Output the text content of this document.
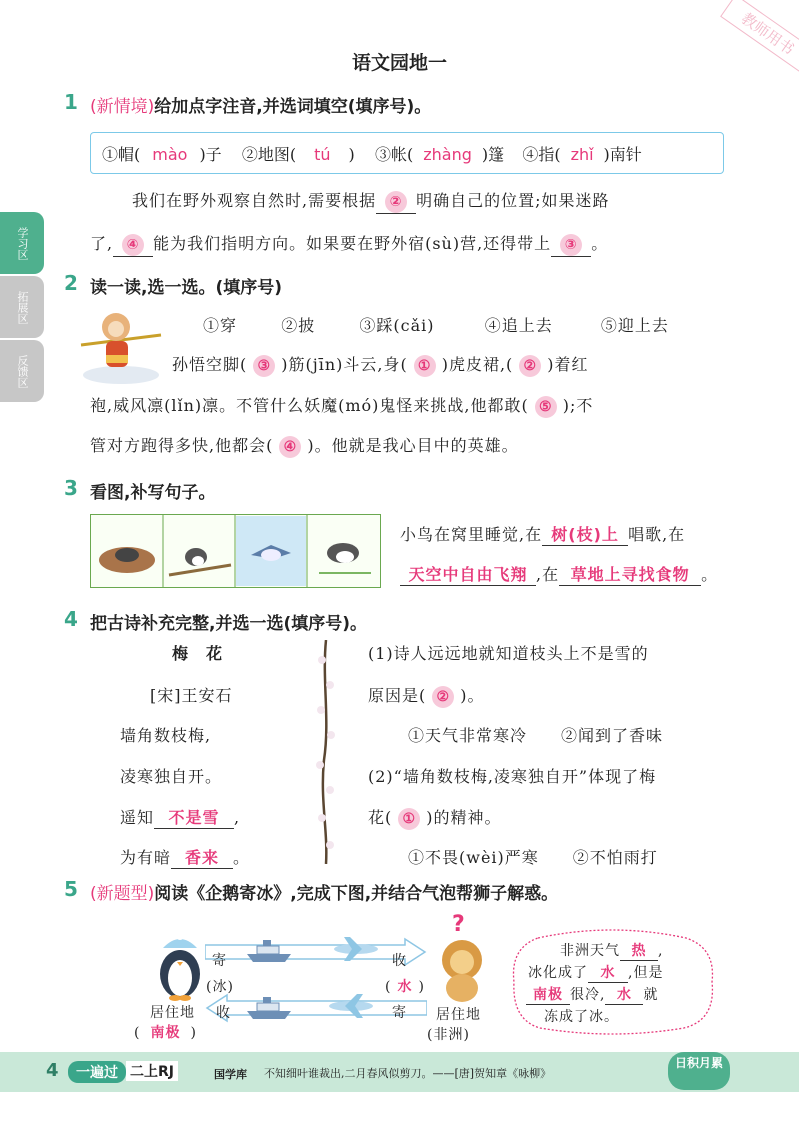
教师用书
语文园地一
学习区
拓展区
反馈区
1 (新情境)给加点字注音,并选词填空(填序号)。
①帽( mào )子 ②地图( tú ) ③帐( zhàng )篷 ④指( zhǐ )南针
我们在野外观察自然时,需要根据 ② 明确自己的位置;如果迷路
了, ④ 能为我们指明方向。如果要在野外宿(sù)营,还得带上 ③ 。
2 读一读,选一选。(填序号)
①穿	②披	③踩(cǎi)	④追上去	⑤迎上去
孙悟空脚( ③ )筋(jīn)斗云,身( ① )虎皮裙,( ② )着红
袍,威风凛(lǐn)凛。不管什么妖魔(mó)鬼怪来挑战,他都敢( ⑤ );不
管对方跑得多快,他都会( ④ )。他就是我心目中的英雄。
3 看图,补写句子。
小鸟在窝里睡觉,在 树(枝)上 唱歌,在
天空中自由飞翔 ,在 草地上寻找食物 。
4 把古诗补充完整,并选一选(填序号)。
梅　花
[宋]王安石
墙角数枝梅,
凌寒独自开。
遥知 不是雪 ,
为有暗 香来 。
(1)诗人远远地就知道枝头上不是雪的
原因是( ② )。
①天气非常寒冷　　②闻到了香味
(2)“墙角数枝梅,凌寒独自开”体现了梅
花( ① )的精神。
①不畏(wèi)严寒　　②不怕雨打
5 (新题型)阅读《企鹅寄冰》,完成下图,并结合气泡帮狮子解惑。
寄	收
(冰)	( 水 )
收	寄
居住地
( 南极 )
?
居住地
(非洲)
非洲天气 热 ,
冰化成了 水 ,但是
南极 很冷, 水 就
冻成了冰。
4	一遍过 二上RJ	国学库 不知细叶谁裁出,二月春风似剪刀。——[唐]贺知章《咏柳》
日积月累
